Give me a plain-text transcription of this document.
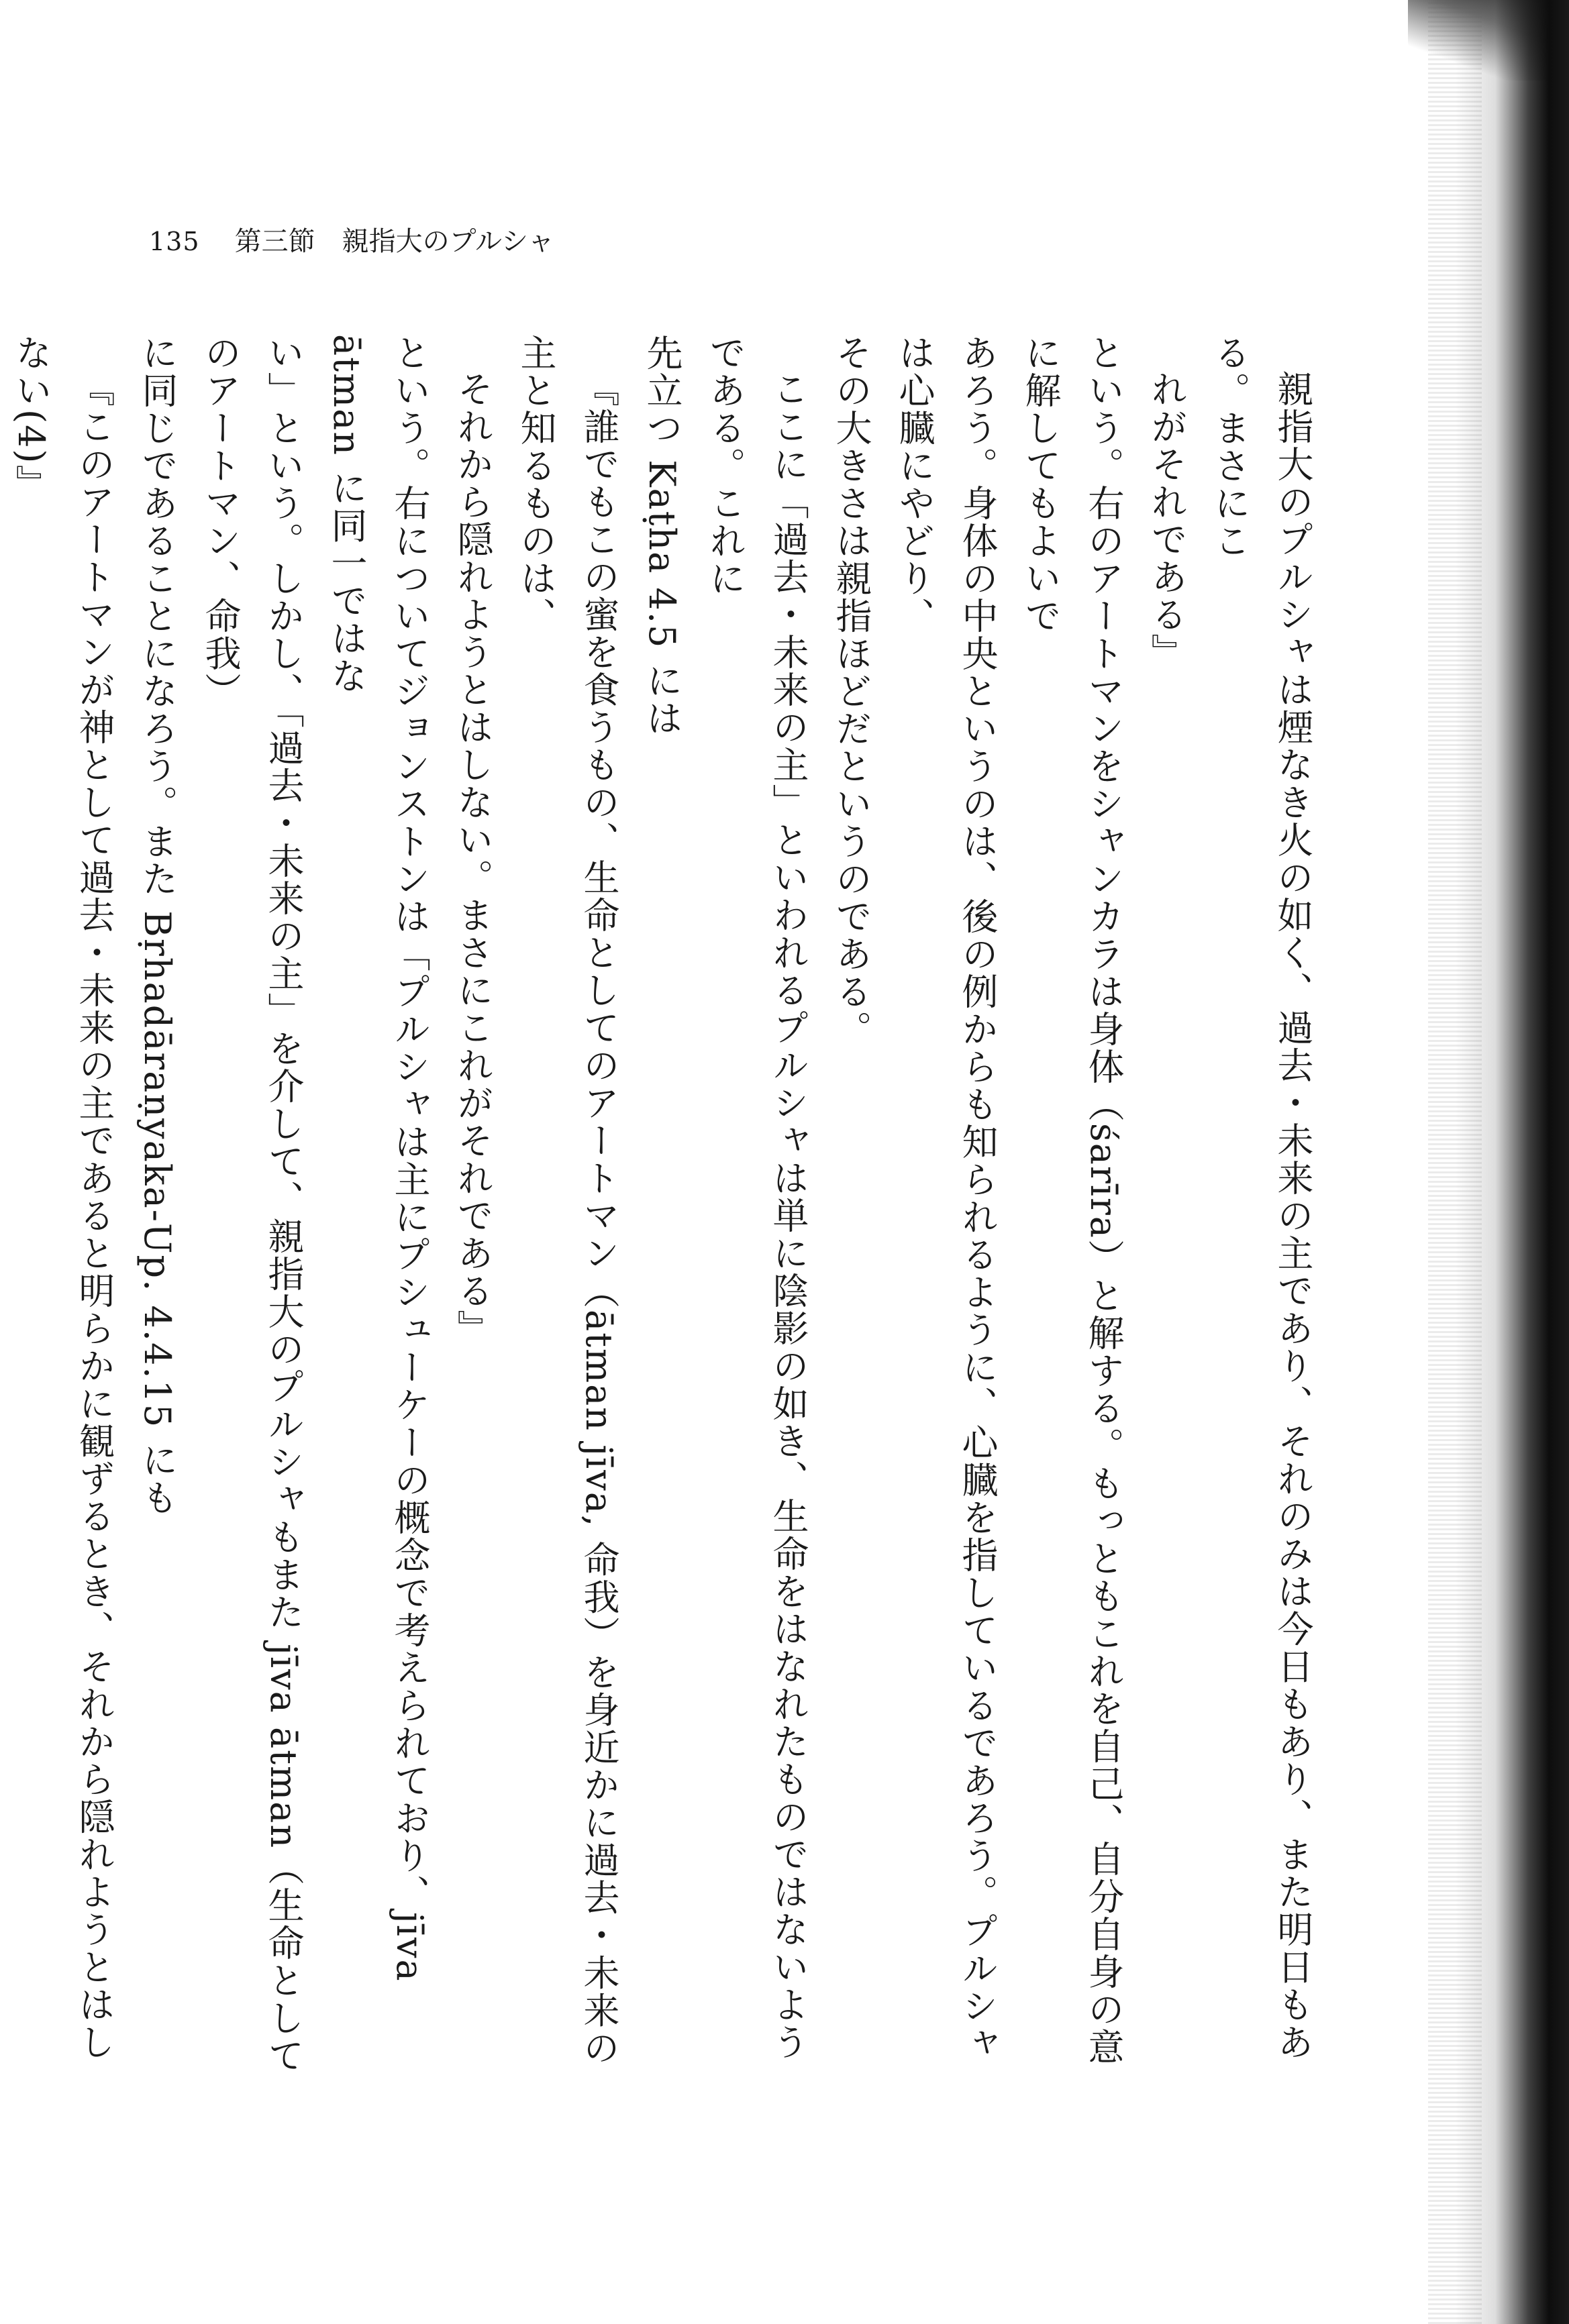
135 第三節　親指大のプルシャ

親指大のプルシャは煙なき火の如く、過去・未来の主であり、それのみは今日もあり、また明日もある。まさにこ

れがそれである』

という。右のアートマンをシャンカラは身体（śarīra）と解する。もっともこれを自己、自分自身の意に解してもよいで

あろう。身体の中央というのは、後の例からも知られるように、心臓を指しているであろう。プルシャは心臓にやどり、

その大きさは親指ほどだというのである。

ここに「過去・未来の主」といわれるプルシャは単に陰影の如き、生命をはなれたものではないようである。これに

先立つ Kaṭha 4.5 には

『誰でもこの蜜を食うもの、生命としてのアートマン（ātman jīva, 命我）を身近かに過去・未来の主と知るものは、

それから隠れようとはしない。まさにこれがそれである』

という。右についてジョンストンは「プルシャは主にプシューケーの概念で考えられており、jīva ātman に同一ではな

い」という。しかし、「過去・未来の主」を介して、親指大のプルシャもまた jīva ātman（生命としてのアートマン、命我）

に同じであることになろう。また Bṛhadāraṇyaka-Up. 4.4.15 にも

『このアートマンが神として過去・未来の主であると明らかに観ずるとき、それから隠れようとはしない(4)』
